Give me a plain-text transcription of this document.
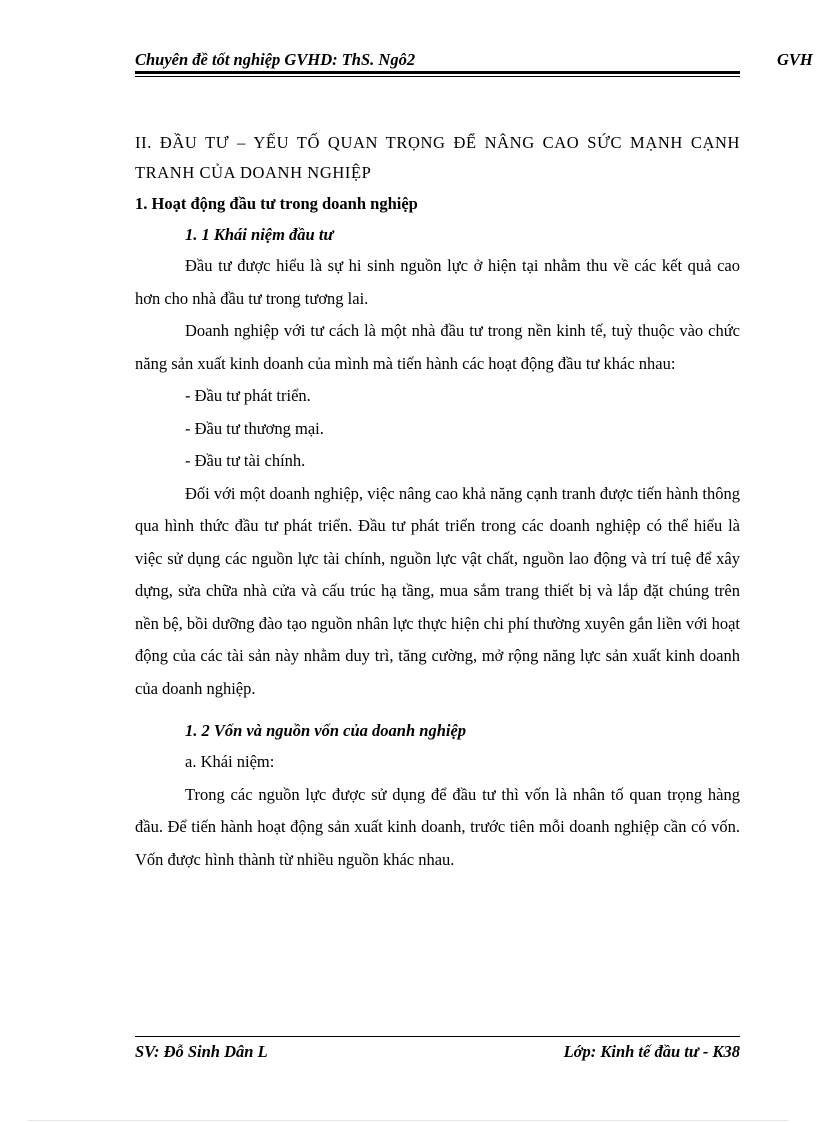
Chuyên đề tốt nghiệp GVHD: ThS. Ngô2	GVH

II. ĐẦU TƯ – YẾU TỐ QUAN TRỌNG ĐỂ NÂNG CAO SỨC MẠNH CẠNH TRANH CỦA DOANH NGHIỆP

1. Hoạt động đầu tư trong doanh nghiệp

1. 1 Khái niệm đầu tư

Đầu tư được hiểu là sự hi sinh nguồn lực ở hiện tại nhằm thu về các kết quả cao hơn cho nhà đầu tư trong tương lai.

Doanh nghiệp với tư cách là một nhà đầu tư trong nền kinh tế, tuỳ thuộc vào chức năng sản xuất kinh doanh của mình mà tiến hành các hoạt động đầu tư khác nhau:

- Đầu tư phát triển.

- Đầu tư thương mại.

- Đầu tư tài chính.

Đối với một doanh nghiệp, việc nâng cao khả năng cạnh tranh được tiến hành thông qua hình thức đầu tư phát triển. Đầu tư phát triển trong các doanh nghiệp có thể hiểu là việc sử dụng các nguồn lực tài chính, nguồn lực vật chất, nguồn lao động và trí tuệ để xây dựng, sửa chữa nhà cửa và cấu trúc hạ tầng, mua sắm trang thiết bị và lắp đặt chúng trên nền bệ, bồi dưỡng đào tạo nguồn nhân lực thực hiện chi phí thường xuyên gắn liền với hoạt động của các tài sản này nhằm duy trì, tăng cường, mở rộng năng lực sản xuất kinh doanh của doanh nghiệp.

1. 2 Vốn và nguồn vốn của doanh nghiệp

a. Khái niệm:

Trong các nguồn lực được sử dụng để đầu tư thì vốn là nhân tố quan trọng hàng đầu. Để tiến hành hoạt động sản xuất kinh doanh, trước tiên mỗi doanh nghiệp cần có vốn. Vốn được hình thành từ nhiều nguồn khác nhau.

SV: Đỗ Sinh Dân L	Lớp: Kinh tế đầu tư - K38
